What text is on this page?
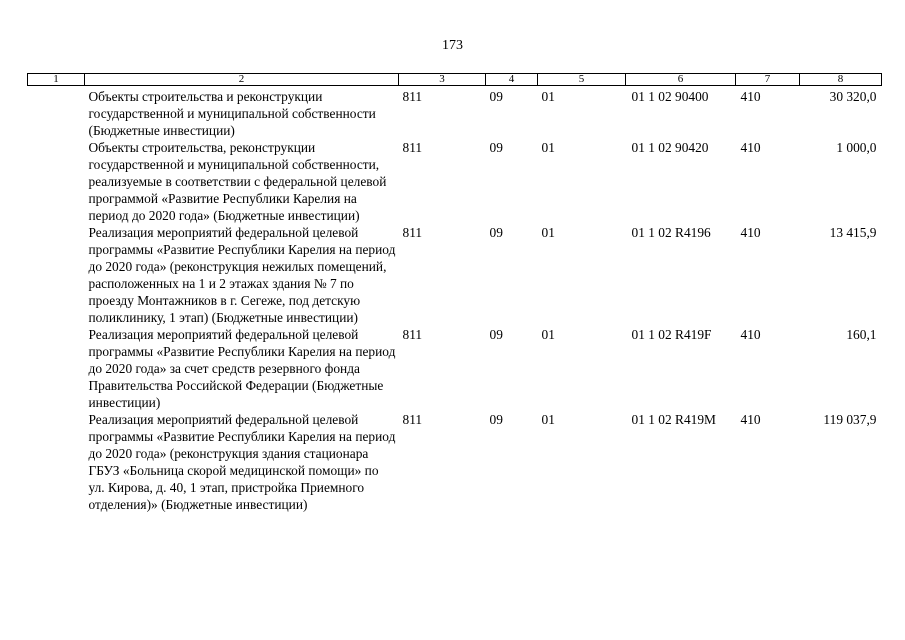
173
1	2	3	4	5	6	7	8

	Объекты строительства и реконструкции государственной и муниципальной собственности (Бюджетные инвестиции)	811	09	01	01 1 02 90400	410	30 320,0
	Объекты строительства, реконструкции государственной и муниципальной собственности, реализуемые в соответствии с федеральной целевой программой «Развитие Республики Карелия на период до 2020 года» (Бюджетные инвестиции)	811	09	01	01 1 02 90420	410	1 000,0
	Реализация мероприятий федеральной целевой программы «Развитие Республики Карелия на период до 2020 года» (реконструкция нежилых помещений, расположенных на 1 и 2 этажах здания № 7 по проезду Монтажников в г. Сегеже, под детскую поликлинику, 1 этап) (Бюджетные инвестиции)	811	09	01	01 1 02 R4196	410	13 415,9
	Реализация мероприятий федеральной целевой программы «Развитие Республики Карелия на период до 2020 года» за счет средств резервного фонда Правительства Российской Федерации (Бюджетные инвестиции)	811	09	01	01 1 02 R419F	410	160,1
	Реализация мероприятий федеральной целевой программы «Развитие Республики Карелия на период до 2020 года» (реконструкция здания стационара ГБУЗ «Больница скорой медицинской помощи» по ул. Кирова, д. 40, 1 этап, пристройка Приемного отделения)» (Бюджетные инвестиции)	811	09	01	01 1 02 R419M	410	119 037,9
